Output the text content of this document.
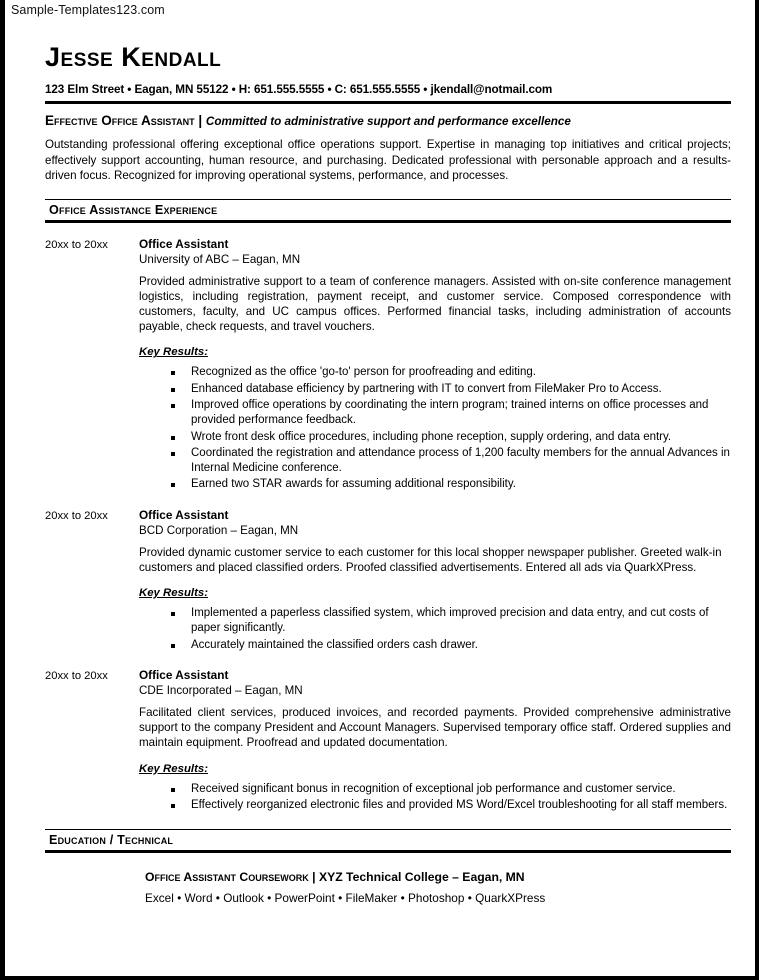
Sample-Templates123.com
Jesse Kendall
123 Elm Street • Eagan, MN 55122 • H: 651.555.5555 • C: 651.555.5555 • jkendall@notmail.com
Effective Office Assistant | Committed to administrative support and performance excellence
Outstanding professional offering exceptional office operations support. Expertise in managing top initiatives and critical projects; effectively support accounting, human resource, and purchasing. Dedicated professional with personable approach and a results-driven focus. Recognized for improving operational systems, performance, and processes.
Office Assistance Experience
20xx to 20xx	Office Assistant
University of ABC – Eagan, MN
Provided administrative support to a team of conference managers. Assisted with on-site conference management logistics, including registration, payment receipt, and customer service. Composed correspondence with customers, faculty, and UC campus offices. Performed financial tasks, including administration of accounts payable, check requests, and travel vouchers.
Key Results:
Recognized as the office 'go-to' person for proofreading and editing.
Enhanced database efficiency by partnering with IT to convert from FileMaker Pro to Access.
Improved office operations by coordinating the intern program; trained interns on office processes and provided performance feedback.
Wrote front desk office procedures, including phone reception, supply ordering, and data entry.
Coordinated the registration and attendance process of 1,200 faculty members for the annual Advances in Internal Medicine conference.
Earned two STAR awards for assuming additional responsibility.
20xx to 20xx	Office Assistant
BCD Corporation – Eagan, MN
Provided dynamic customer service to each customer for this local shopper newspaper publisher. Greeted walk-in customers and placed classified orders. Proofed classified advertisements. Entered all ads via QuarkXPress.
Key Results:
Implemented a paperless classified system, which improved precision and data entry, and cut costs of paper significantly.
Accurately maintained the classified orders cash drawer.
20xx to 20xx	Office Assistant
CDE Incorporated – Eagan, MN
Facilitated client services, produced invoices, and recorded payments. Provided comprehensive administrative support to the company President and Account Managers. Supervised temporary office staff. Ordered supplies and maintain equipment. Proofread and updated documentation.
Key Results:
Received significant bonus in recognition of exceptional job performance and customer service.
Effectively reorganized electronic files and provided MS Word/Excel troubleshooting for all staff members.
Education / Technical
Office Assistant Coursework | XYZ Technical College – Eagan, MN
Excel • Word • Outlook • PowerPoint • FileMaker • Photoshop • QuarkXPress
